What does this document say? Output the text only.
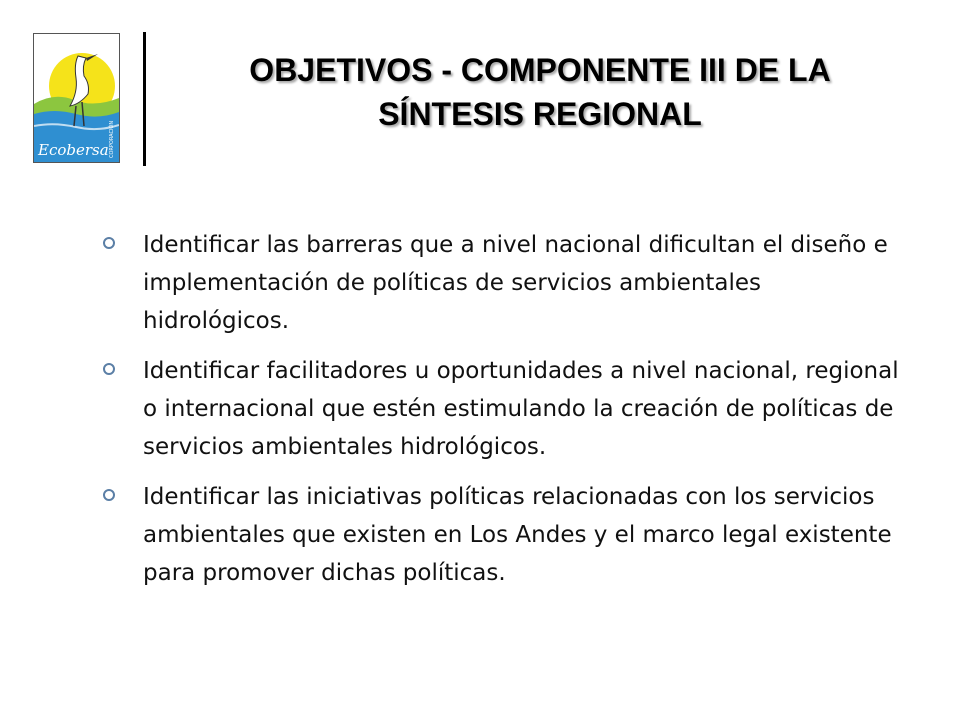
CORPORACIÓN
Ecobersa
OBJETIVOS - COMPONENTE III DE LA
SÍNTESIS REGIONAL
Identificar las barreras que a nivel nacional dificultan el diseño e implementación de políticas de servicios ambientales hidrológicos.
Identificar facilitadores u oportunidades a nivel nacional, regional o internacional que estén estimulando la creación de políticas de servicios ambientales hidrológicos.
Identificar las iniciativas políticas relacionadas con los servicios ambientales que existen en Los Andes y el marco legal existente para promover dichas políticas.
